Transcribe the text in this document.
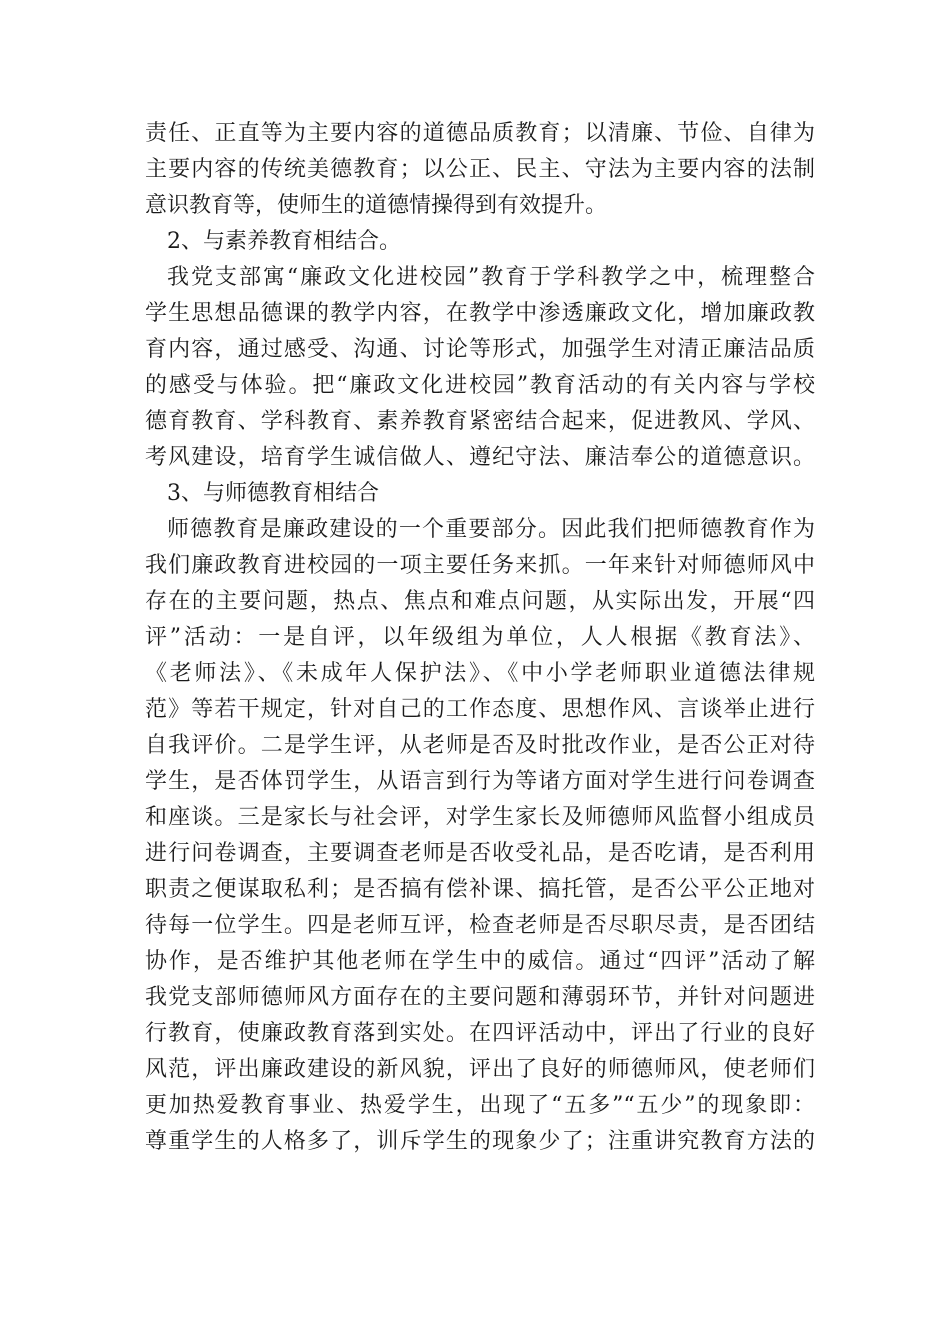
责任、正直等为主要内容的道德品质教育；以清廉、节俭、自律为
主要内容的传统美德教育；以公正、民主、守法为主要内容的法制
意识教育等，使师生的道德情操得到有效提升。
2、与素养教育相结合。
我党支部寓“廉政文化进校园”教育于学科教学之中，梳理整合
学生思想品德课的教学内容，在教学中渗透廉政文化，增加廉政教
育内容，通过感受、沟通、讨论等形式，加强学生对清正廉洁品质
的感受与体验。把“廉政文化进校园”教育活动的有关内容与学校
德育教育、学科教育、素养教育紧密结合起来，促进教风、学风、
考风建设，培育学生诚信做人、遵纪守法、廉洁奉公的道德意识。
3、与师德教育相结合
师德教育是廉政建设的一个重要部分。因此我们把师德教育作为
我们廉政教育进校园的一项主要任务来抓。一年来针对师德师风中
存在的主要问题，热点、焦点和难点问题，从实际出发，开展“四
评”活动：一是自评，以年级组为单位，人人根据《教育法》、
《老师法》、《未成年人保护法》、《中小学老师职业道德法律规
范》等若干规定，针对自己的工作态度、思想作风、言谈举止进行
自我评价。二是学生评，从老师是否及时批改作业，是否公正对待
学生，是否体罚学生，从语言到行为等诸方面对学生进行问卷调查
和座谈。三是家长与社会评，对学生家长及师德师风监督小组成员
进行问卷调查，主要调查老师是否收受礼品，是否吃请，是否利用
职责之便谋取私利；是否搞有偿补课、搞托管，是否公平公正地对
待每一位学生。四是老师互评，检查老师是否尽职尽责，是否团结
协作，是否维护其他老师在学生中的威信。通过“四评”活动了解
我党支部师德师风方面存在的主要问题和薄弱环节，并针对问题进
行教育，使廉政教育落到实处。在四评活动中，评出了行业的良好
风范，评出廉政建设的新风貌，评出了良好的师德师风，使老师们
更加热爱教育事业、热爱学生，出现了“五多”“五少”的现象即：
尊重学生的人格多了，训斥学生的现象少了；注重讲究教育方法的
